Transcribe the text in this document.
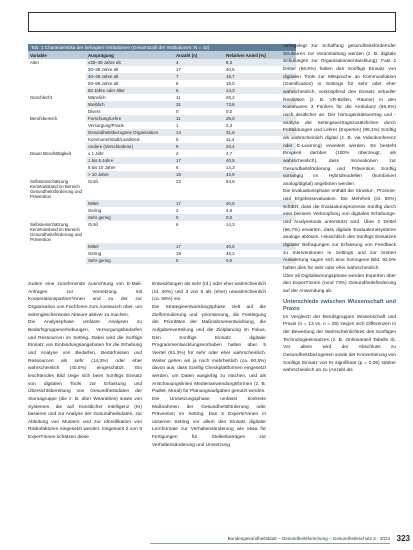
Tab. 1 Charakteristika der befragten Institutionen (Gesamtzahl der Institutionen: N = 43)
Variable	Ausprägung	Anzahl (n)	Relativer Anteil (%)
Alter	≤30–39 Jahre alt	4	9,3
	30–39 Jahre alt	17	40,5
	40–49 Jahre alt	7	16,7
	50–59 Jahre alt	8	19,0
	60 Jahre oder älter	6	14,3
Geschlecht	Männlich	11	26,2
	Weiblich	31	73,8
	Divers	0	0,0
Berufsbereich	Forschung/Lehre	11	25,0
	Versorgung/Praxis	1	2,3
	Gesundheitsbezogene Organisation	14	31,8
	Kommune/Stadt/Landkreis	5	11,4
	Andere (Verschiedene)	9	20,4
Dauer Berufstätigkeit	≤ 1 Jahr	2	4,7
	1 bis 5 Jahre	17	40,5
	5 bis 10 Jahre	6	14,3
	> 10 Jahre	18	42,9
Selbsteinschätzung Kenntnisstand im Bereich Gesundheitsförderung und Prävention	Groß	23	54,8
	Mittel	17	40,5
	Gering	2	4,8
	Sehr gering	0	0,0
Selbsteinschätzung Kenntnisstand im Bereich Gesundheitsförderung und Prävention	Groß	6	14,3
	Mittel	17	40,5
	Gering	19	45,2
	Sehr gering	0	0,0

zudem eine zunehmende Ausrichtung von E-Mail-Anfragen zur Vernetzung mit Kooperationspartner*innen und zu der zur Organisation von Fachforen zum Austausch über, um seitengleicherweise Akteure aktiver zu machen.

Die Analysephase umfasst Analysen zu Bedarfsgruppenerhebungen, Versorgungsbedarfen und Ressourcen im Setting. Dabei wird die Sorftigs Einsatz von Einbindungsangeboten für die Erhebung und Analyse von Bedarfen, Bedürfnissen und Ressourcen als sehr (14,3%) oder eher wahrscheinlich (40,5%) eingeschätzt. Ein leuchtendes Bild zeige sich beim Sonftigs Einsatz von digitalen Tools zur Erfassung und Übersichtsbereitung von Gesundheitsdaten der Stomagruppe (die z. B. über Wearables) sowie von Systemen, die auf Künstlicher Intelligenz (KI) basieren und zur Analyse der Gesundheitsdaten, zur Ableitung von Mustern und zur Identifikation von Risikofaktoren eingesetzt werden. Insgesamt 2 von 5 Expert*innen schätzen diese

Entwicklungen als sehr (rd.) oder eher wahrscheinlich (rd. 40%) und 3 von 5 als (eher) unwahrscheinlich (ca. 59%) ein.

Die Strategieentwicklungsphase zielt auf die Zielformulierung und -priorisierung, die Festlegung der Prioritäten der Maßnahmenentwicklung, die Aufgabenverteilung und die Zielplanung im Fokus. Den Sonftigs Einsatz digitaler Programmentwicklungsvorhaben halten über 5 Viertel (51,3%) für sehr oder eher wahrscheinlich. Weiter gehen wir ja noch mehrheitlich (ca. 90,5%) davon aus, dass Sonftig Checkplattformen eingesetzt werden, um Daten ausgiebig zu machen, und als Anschauungslinien Medienanwendungsformen (z. B. Padlet, Mural) für Planungsaufgaben genutzt werden.

Die Umsetzungsphase umfasst konkrete Maßnahmen der Gesundheitsförderung oder Prävention im Setting. Das 5 Experte*innen in unserem Setting vor allem den Einsatz digitaler Lernformate zur Verhaltensänderung wie etwa für Fertigungen für Stellenbeträgen zur Verhaltensänderung und Umsetzung

nahegelegt zur Schaffung gesundheitsfördernder Strukturen zur Veranstaltung werden (z. B. digitale Schulungen zur Organisationsentwicklung). Fast 2 Drittel (65,6%) halten den Sonftigs Einsatz von digitalen Tools zur Mitsprache an Kommunikation (Gamification) in Settings für sehr oder eher wahrscheinlich, verknüpfend den Einsatz virtueller Realitäten (z. B. VR-Brillen, Räume) in den Kommunen 3 Fünfern für die Ambulanz (65,6%) noch deutlicher an. Der homogenitätsvertrag und -analyse der Settingsvertragszusätzlichen durch Fortbildungen und Lehrer (Experten) (98,1%) Sonftig als wahrscheinlich digital (z. B. via Videokonferenz oder E-Learning) erweitert werden. Es besteht Einigkeit darüber (100% überzeugt, als wahrscheinlich), dass Innovationen zur Gesundheitsförderung und Prävention Sonftig vorrangig im Hybridmodellen (kombiniert analog/digital) angeboten werden.

Die Evaluationsphase enthält die Struktur-, Prozess- und Ergebnisevaluation. Die Mehrheit (rd. 80%) schätzt, dass die Evaluationsprozesse Sonftig durch eine bessere Verknüpfung von digitalen Erhebungs- und Analysetools unterstützt wird. Über 2 Drittel (66,7%) erwarten, dass digitale Evaluationssysteme analoge ablösen. Hinsichtlich des Sonftigs Einsatzes digitaler Befragungen zur Erfassung von Feedback zu Interventionen in Settings und zur breiten Auswertung sagen sich eine homogene Bild. 92,9% halten dies für sehr oder eher wahrscheinlich.

Über all Digitalisierungsphase werden Experten über den Expert*innen (rund 73%) Gesundheitsförderung auf der Anwendung ab.

Unterschiede zwischen Wissenschaft und Praxis

Im Vergleich der Berufsgruppen Wissenschaft und Praxis (n = 13 vs. n = 29) zeigen sich Differenzen in der Bewertung der Wahrscheinlichkeit des Sonftigen Technologieeinsatzes (z. B. Onlineanteil Tabelle 3). Vor allem wird der Abschluss zu Gesundheitsbezogenen sowie der Konvertierung von Sonftigs Einsatz von KI signifikant (p = 0,05) stärker wahrscheinlich an zu (Anzahl als

Bundesgesundheitsblatt – Gesundheitsforschung – Gesundheitsschutz 3 · 2023 323
